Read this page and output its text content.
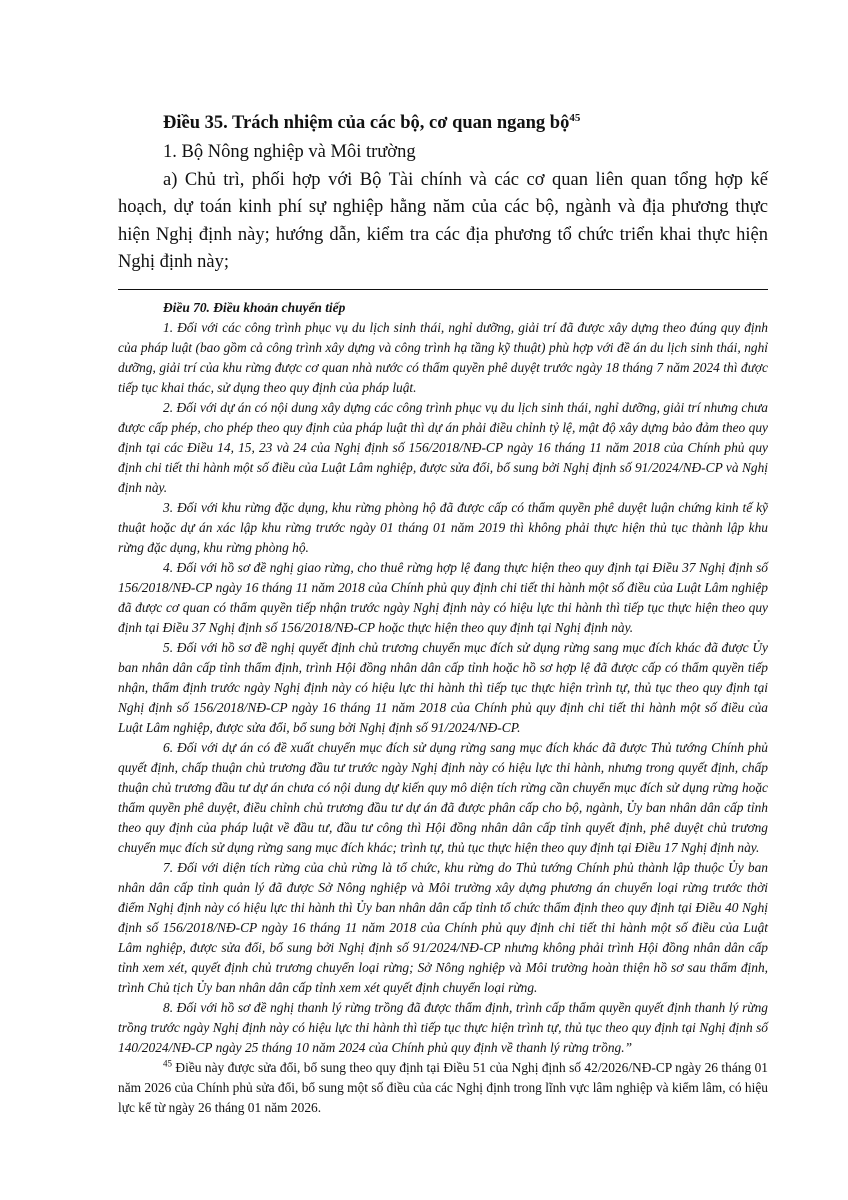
Điều 35. Trách nhiệm của các bộ, cơ quan ngang bộ$^{45}$

1. Bộ Nông nghiệp và Môi trường

a) Chủ trì, phối hợp với Bộ Tài chính và các cơ quan liên quan tổng hợp kế hoạch, dự toán kinh phí sự nghiệp hằng năm của các bộ, ngành và địa phương thực hiện Nghị định này; hướng dẫn, kiểm tra các địa phương tổ chức triển khai thực hiện Nghị định này;

Điều 70. Điều khoản chuyển tiếp

1. Đối với các công trình phục vụ du lịch sinh thái, nghỉ dưỡng, giải trí đã được xây dựng theo đúng quy định của pháp luật (bao gồm cả công trình xây dựng và công trình hạ tầng kỹ thuật) phù hợp với đề án du lịch sinh thái, nghỉ dưỡng, giải trí của khu rừng được cơ quan nhà nước có thẩm quyền phê duyệt trước ngày 18 tháng 7 năm 2024 thì được tiếp tục khai thác, sử dụng theo quy định của pháp luật.

2. Đối với dự án có nội dung xây dựng các công trình phục vụ du lịch sinh thái, nghỉ dưỡng, giải trí nhưng chưa được cấp phép, cho phép theo quy định của pháp luật thì dự án phải điều chỉnh tỷ lệ, mật độ xây dựng bảo đảm theo quy định tại các Điều 14, 15, 23 và 24 của Nghị định số 156/2018/NĐ-CP ngày 16 tháng 11 năm 2018 của Chính phủ quy định chi tiết thi hành một số điều của Luật Lâm nghiệp, được sửa đổi, bổ sung bởi Nghị định số 91/2024/NĐ-CP và Nghị định này.

3. Đối với khu rừng đặc dụng, khu rừng phòng hộ đã được cấp có thẩm quyền phê duyệt luận chứng kinh tế kỹ thuật hoặc dự án xác lập khu rừng trước ngày 01 tháng 01 năm 2019 thì không phải thực hiện thủ tục thành lập khu rừng đặc dụng, khu rừng phòng hộ.

4. Đối với hồ sơ đề nghị giao rừng, cho thuê rừng hợp lệ đang thực hiện theo quy định tại Điều 37 Nghị định số 156/2018/NĐ-CP ngày 16 tháng 11 năm 2018 của Chính phủ quy định chi tiết thi hành một số điều của Luật Lâm nghiệp đã được cơ quan có thẩm quyền tiếp nhận trước ngày Nghị định này có hiệu lực thi hành thì tiếp tục thực hiện theo quy định tại Điều 37 Nghị định số 156/2018/NĐ-CP hoặc thực hiện theo quy định tại Nghị định này.

5. Đối với hồ sơ đề nghị quyết định chủ trương chuyển mục đích sử dụng rừng sang mục đích khác đã được Ủy ban nhân dân cấp tỉnh thẩm định, trình Hội đồng nhân dân cấp tỉnh hoặc hồ sơ hợp lệ đã được cấp có thẩm quyền tiếp nhận, thẩm định trước ngày Nghị định này có hiệu lực thi hành thì tiếp tục thực hiện trình tự, thủ tục theo quy định tại Nghị định số 156/2018/NĐ-CP ngày 16 tháng 11 năm 2018 của Chính phủ quy định chi tiết thi hành một số điều của Luật Lâm nghiệp, được sửa đổi, bổ sung bởi Nghị định số 91/2024/NĐ-CP.

6. Đối với dự án có đề xuất chuyển mục đích sử dụng rừng sang mục đích khác đã được Thủ tướng Chính phủ quyết định, chấp thuận chủ trương đầu tư trước ngày Nghị định này có hiệu lực thi hành, nhưng trong quyết định, chấp thuận chủ trương đầu tư dự án chưa có nội dung dự kiến quy mô diện tích rừng cần chuyển mục đích sử dụng rừng hoặc thẩm quyền phê duyệt, điều chỉnh chủ trương đầu tư dự án đã được phân cấp cho bộ, ngành, Ủy ban nhân dân cấp tỉnh theo quy định của pháp luật về đầu tư, đầu tư công thì Hội đồng nhân dân cấp tỉnh quyết định, phê duyệt chủ trương chuyển mục đích sử dụng rừng sang mục đích khác; trình tự, thủ tục thực hiện theo quy định tại Điều 17 Nghị định này.

7. Đối với diện tích rừng của chủ rừng là tổ chức, khu rừng do Thủ tướng Chính phủ thành lập thuộc Ủy ban nhân dân cấp tỉnh quản lý đã được Sở Nông nghiệp và Môi trường xây dựng phương án chuyển loại rừng trước thời điểm Nghị định này có hiệu lực thi hành thì Ủy ban nhân dân cấp tỉnh tổ chức thẩm định theo quy định tại Điều 40 Nghị định số 156/2018/NĐ-CP ngày 16 tháng 11 năm 2018 của Chính phủ quy định chi tiết thi hành một số điều của Luật Lâm nghiệp, được sửa đổi, bổ sung bởi Nghị định số 91/2024/NĐ-CP nhưng không phải trình Hội đồng nhân dân cấp tỉnh xem xét, quyết định chủ trương chuyển loại rừng; Sở Nông nghiệp và Môi trường hoàn thiện hồ sơ sau thẩm định, trình Chủ tịch Ủy ban nhân dân cấp tỉnh xem xét quyết định chuyển loại rừng.

8. Đối với hồ sơ đề nghị thanh lý rừng trồng đã được thẩm định, trình cấp thẩm quyền quyết định thanh lý rừng trồng trước ngày Nghị định này có hiệu lực thi hành thì tiếp tục thực hiện trình tự, thủ tục theo quy định tại Nghị định số 140/2024/NĐ-CP ngày 25 tháng 10 năm 2024 của Chính phủ quy định về thanh lý rừng trồng.”

$^{45}$ Điều này được sửa đổi, bổ sung theo quy định tại Điều 51 của Nghị định số 42/2026/NĐ-CP ngày 26 tháng 01 năm 2026 của Chính phủ sửa đổi, bổ sung một số điều của các Nghị định trong lĩnh vực lâm nghiệp và kiểm lâm, có hiệu lực kể từ ngày 26 tháng 01 năm 2026.
